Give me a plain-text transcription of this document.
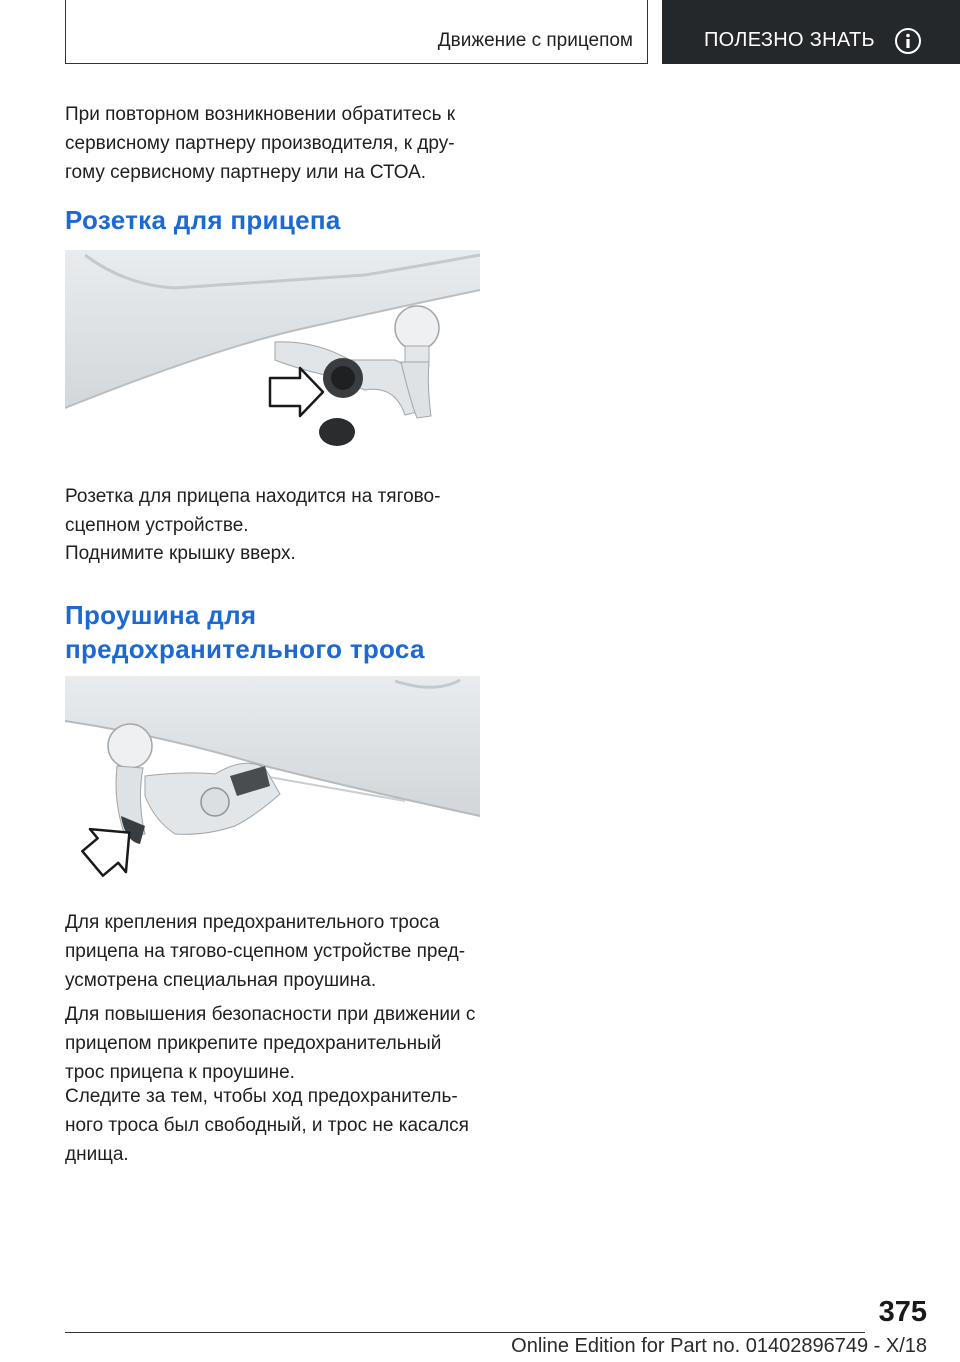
Движение с прицепом	ПОЛЕЗНО ЗНАТЬ
При повторном возникновении обратитесь к
сервисному партнеру производителя, к дру‐
гому сервисному партнеру или на СТОА.
Розетка для прицепа
Розетка для прицепа находится на тягово-
сцепном устройстве.
Поднимите крышку вверх.
Проушина для
предохранительного троса
Для крепления предохранительного троса
прицепа на тягово-сцепном устройстве пред‐
усмотрена специальная проушина.
Для повышения безопасности при движении с
прицепом прикрепите предохранительный
трос прицепа к проушине.
Следите за тем, чтобы ход предохранитель‐
ного троса был свободный, и трос не касался
днища.
375
Online Edition for Part no. 01402896749 - X/18
